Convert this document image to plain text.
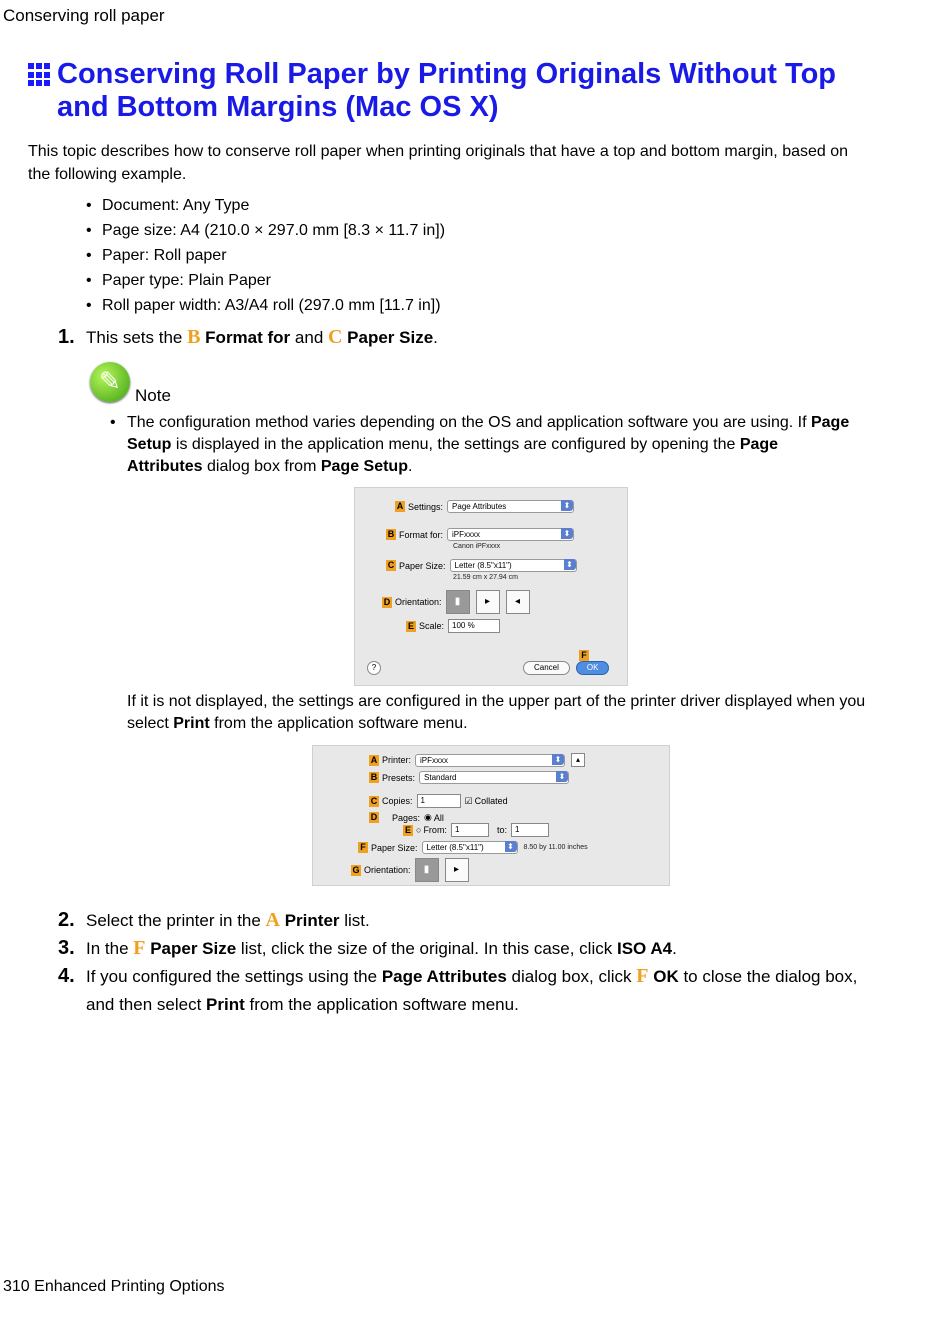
Conserving roll paper
Conserving Roll Paper by Printing Originals Without Top and Bottom Margins (Mac OS X)
This topic describes how to conserve roll paper when printing originals that have a top and bottom margin, based on the following example.
• Document: Any Type
• Page size: A4 (210.0 × 297.0 mm [8.3 × 11.7 in])
• Paper: Roll paper
• Paper type: Plain Paper
• Roll paper width: A3/A4 roll (297.0 mm [11.7 in])
1. This sets the B Format for and C Paper Size.
✎
Note
• The configuration method varies depending on the OS and application software you are using. If Page Setup is displayed in the application menu, the settings are configured by opening the Page Attributes dialog box from Page Setup.
A Settings:	Page Attributes ⬍
B Format for:	iPFxxxx ⬍
Canon iPFxxxx
C Paper Size:	Letter (8.5"x11") ⬍
21.59 cm x 27.94 cm
D Orientation:	▮	▸	◂
E Scale:	100 %
F
?	Cancel	OK
If it is not displayed, the settings are configured in the upper part of the printer driver displayed when you select Print from the application software menu.
A Printer:	iPFxxxx ⬍	▴
B Presets:	Standard ⬍
C Copies:	1	☑ Collated
D Pages: ◉ All
E ○ From:	1	to:	1
F Paper Size:	Letter (8.5"x11") ⬍	8.50 by 11.00 inches
G Orientation:	▮	▸
2. Select the printer in the A Printer list.
3. In the F Paper Size list, click the size of the original. In this case, click ISO A4.
4. If you configured the settings using the Page Attributes dialog box, click F OK to close the dialog box, and then select Print from the application software menu.
310 Enhanced Printing Options
